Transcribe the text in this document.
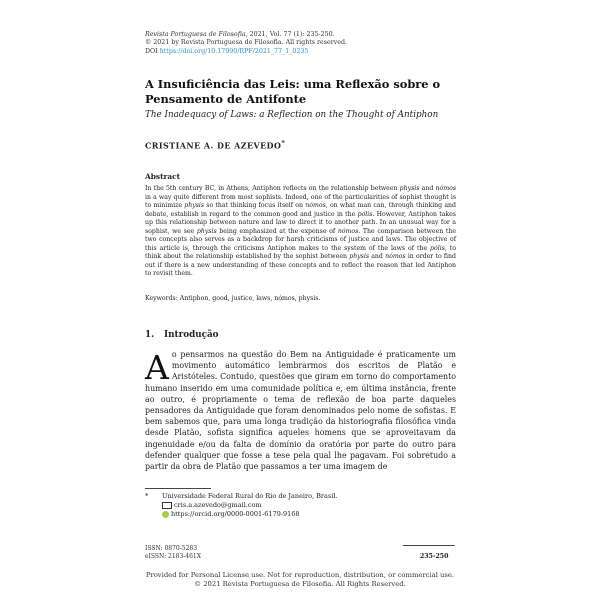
Revista Portuguesa de Filosofia, 2021, Vol. 77 (1): 235-250.
© 2021 by Revista Portuguesa de Filosofia. All rights reserved.
DOI https://doi.org/10.17990/RPF/2021_77_1_0235
A Insuficiência das Leis: uma Reflexão sobre o Pensamento de Antifonte
The Inadequacy of Laws: a Reflection on the Thought of Antiphon
CRISTIANE A. DE AZEVEDO*
Abstract
In the 5th century BC, in Athens, Antiphon reflects on the relationship between physis and nómos in a way quite different from most sophists. Indeed, one of the particularities of sophist thought is to minimize physis so that thinking focus itself on nómos, on what man can, through thinking and debate, establish in regard to the common good and justice in the pólis. However, Antiphon takes up this relationship between nature and law to direct it to another path. In an unusual way for a sophist, we see physis being emphasized at the expense of nómos. The comparison between the two concepts also serves as a backdrop for harsh criticisms of justice and laws. The objective of this article is, through the criticisms Antiphon makes to the system of the laws of the pólis, to think about the relationship established by the sophist between physis and nómos in order to find out if there is a new understanding of these concepts and to reflect the reason that led Antiphon to revisit them.
Keywords: Antiphon, good, justice, laws, nómos, physis.
1. Introdução
Ao pensarmos na questão do Bem na Antiguidade é praticamente um movimento automático lembrarmos dos escritos de Platão e Aristóteles. Contudo, questões que giram em torno do comportamento humano inserido em uma comunidade política e, em última instância, frente ao outro, é propriamente o tema de reflexão de boa parte daqueles pensadores da Antiguidade que foram denominados pelo nome de sofistas. E bem sabemos que, para uma longa tradição da historiografia filosófica vinda desde Platão, sofista significa aqueles homens que se aproveitavam da ingenuidade e/ou da falta de domínio da oratória por parte do outro para defender qualquer que fosse a tese pela qual lhe pagavam. Foi sobretudo a partir da obra de Platão que passamos a ter uma imagem de
* Universidade Federal Rural do Rio de Janeiro, Brasil.
cris.a.azevedo@gmail.com
https://orcid.org/0000-0001-6179-9168
ISSN: 0870-5283
eISSN: 2183-461X	235-250
Provided for Personal License use. Not for reproduction, distribution, or commercial use.
© 2021 Revista Portuguesa de Filosofia. All Rights Reserved.
